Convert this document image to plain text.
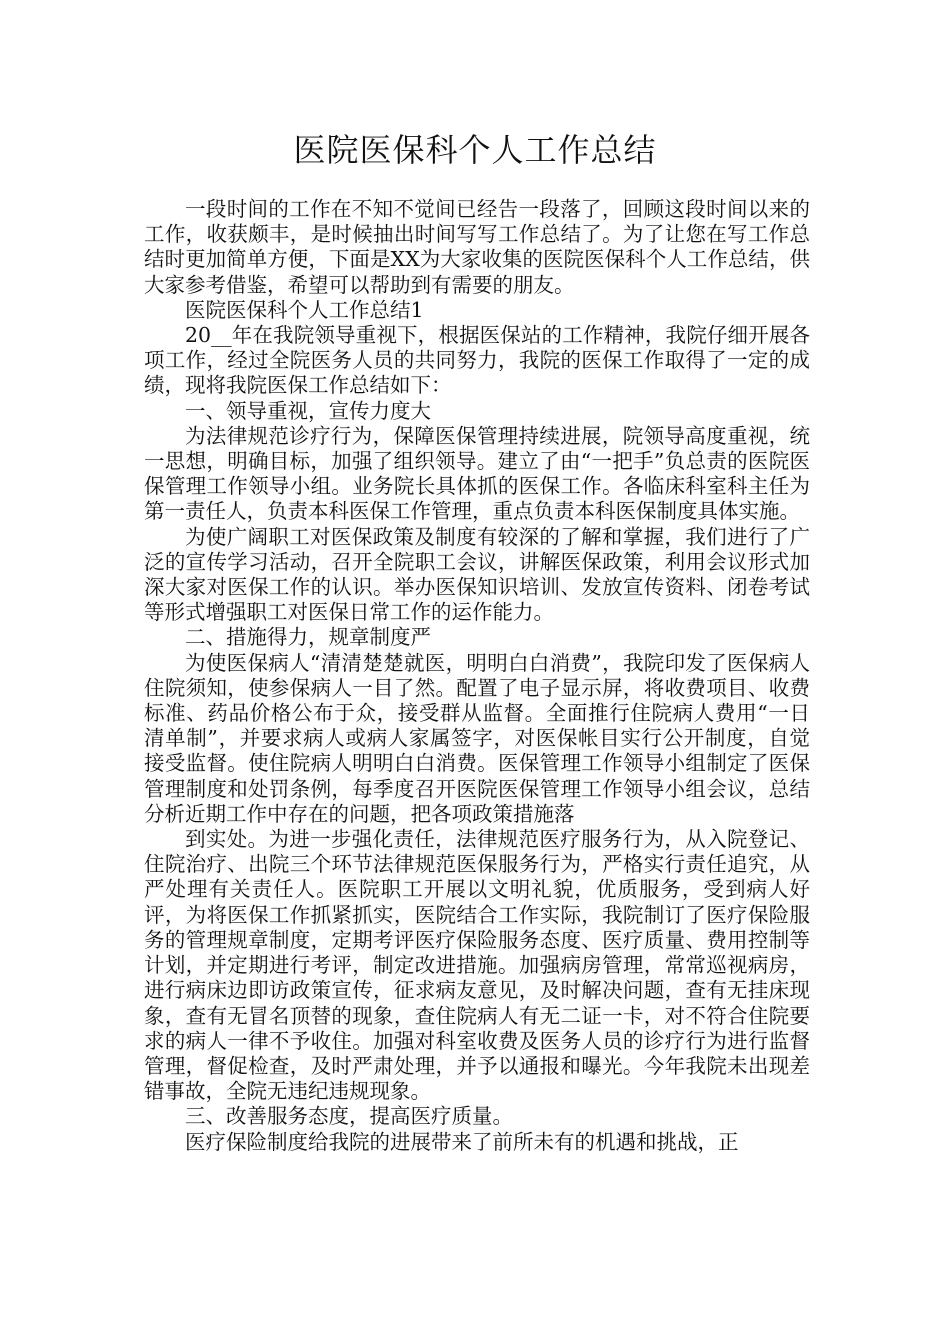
医院医保科个人工作总结

一段时间的工作在不知不觉间已经告一段落了，回顾这段时间以来的工作，收获颇丰，是时候抽出时间写写工作总结了。为了让您在写工作总结时更加简单方便，下面是XX为大家收集的医院医保科个人工作总结，供大家参考借鉴，希望可以帮助到有需要的朋友。

医院医保科个人工作总结1

20__年在我院领导重视下，根据医保站的工作精神，我院仔细开展各项工作，经过全院医务人员的共同努力，我院的医保工作取得了一定的成绩，现将我院医保工作总结如下：

一、领导重视，宣传力度大

为法律规范诊疗行为，保障医保管理持续进展，院领导高度重视，统一思想，明确目标，加强了组织领导。建立了由“一把手”负总责的医院医保管理工作领导小组。业务院长具体抓的医保工作。各临床科室科主任为第一责任人，负责本科医保工作管理，重点负责本科医保制度具体实施。

为使广阔职工对医保政策及制度有较深的了解和掌握，我们进行了广泛的宣传学习活动，召开全院职工会议，讲解医保政策，利用会议形式加深大家对医保工作的认识。举办医保知识培训、发放宣传资料、闭卷考试等形式增强职工对医保日常工作的运作能力。

二、措施得力，规章制度严

为使医保病人“清清楚楚就医，明明白白消费”，我院印发了医保病人住院须知，使参保病人一目了然。配置了电子显示屏，将收费项目、收费标准、药品价格公布于众，接受群从监督。全面推行住院病人费用“一日清单制”，并要求病人或病人家属签字，对医保帐目实行公开制度，自觉接受监督。使住院病人明明白白消费。医保管理工作领导小组制定了医保管理制度和处罚条例，每季度召开医院医保管理工作领导小组会议，总结分析近期工作中存在的问题，把各项政策措施落

到实处。为进一步强化责任，法律规范医疗服务行为，从入院登记、住院治疗、出院三个环节法律规范医保服务行为，严格实行责任追究，从严处理有关责任人。医院职工开展以文明礼貌，优质服务，受到病人好评，为将医保工作抓紧抓实，医院结合工作实际，我院制订了医疗保险服务的管理规章制度，定期考评医疗保险服务态度、医疗质量、费用控制等计划，并定期进行考评，制定改进措施。加强病房管理，常常巡视病房，进行病床边即访政策宣传，征求病友意见，及时解决问题，查有无挂床现象，查有无冒名顶替的现象，查住院病人有无二证一卡，对不符合住院要求的病人一律不予收住。加强对科室收费及医务人员的诊疗行为进行监督管理，督促检查，及时严肃处理，并予以通报和曝光。今年我院未出现差错事故，全院无违纪违规现象。

三、改善服务态度，提高医疗质量。

医疗保险制度给我院的进展带来了前所未有的机遇和挑战，正
